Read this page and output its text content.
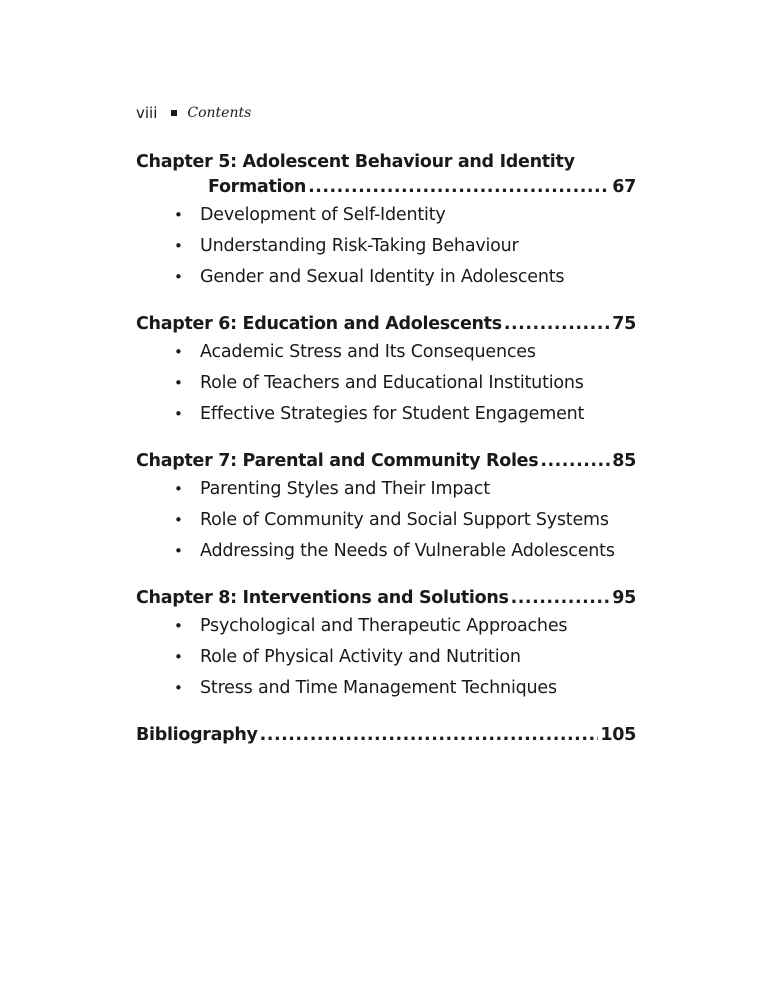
viii Contents
Chapter 5: Adolescent Behaviour and Identity
Formation .....	67
• Development of Self-Identity
• Understanding Risk-Taking Behaviour
• Gender and Sexual Identity in Adolescents
Chapter 6: Education and Adolescents .....	75
• Academic Stress and Its Consequences
• Role of Teachers and Educational Institutions
• Effective Strategies for Student Engagement
Chapter 7: Parental and Community Roles .....	85
• Parenting Styles and Their Impact
• Role of Community and Social Support Systems
• Addressing the Needs of Vulnerable Adolescents
Chapter 8: Interventions and Solutions .....	95
• Psychological and Therapeutic Approaches
• Role of Physical Activity and Nutrition
• Stress and Time Management Techniques
Bibliography .....	105
